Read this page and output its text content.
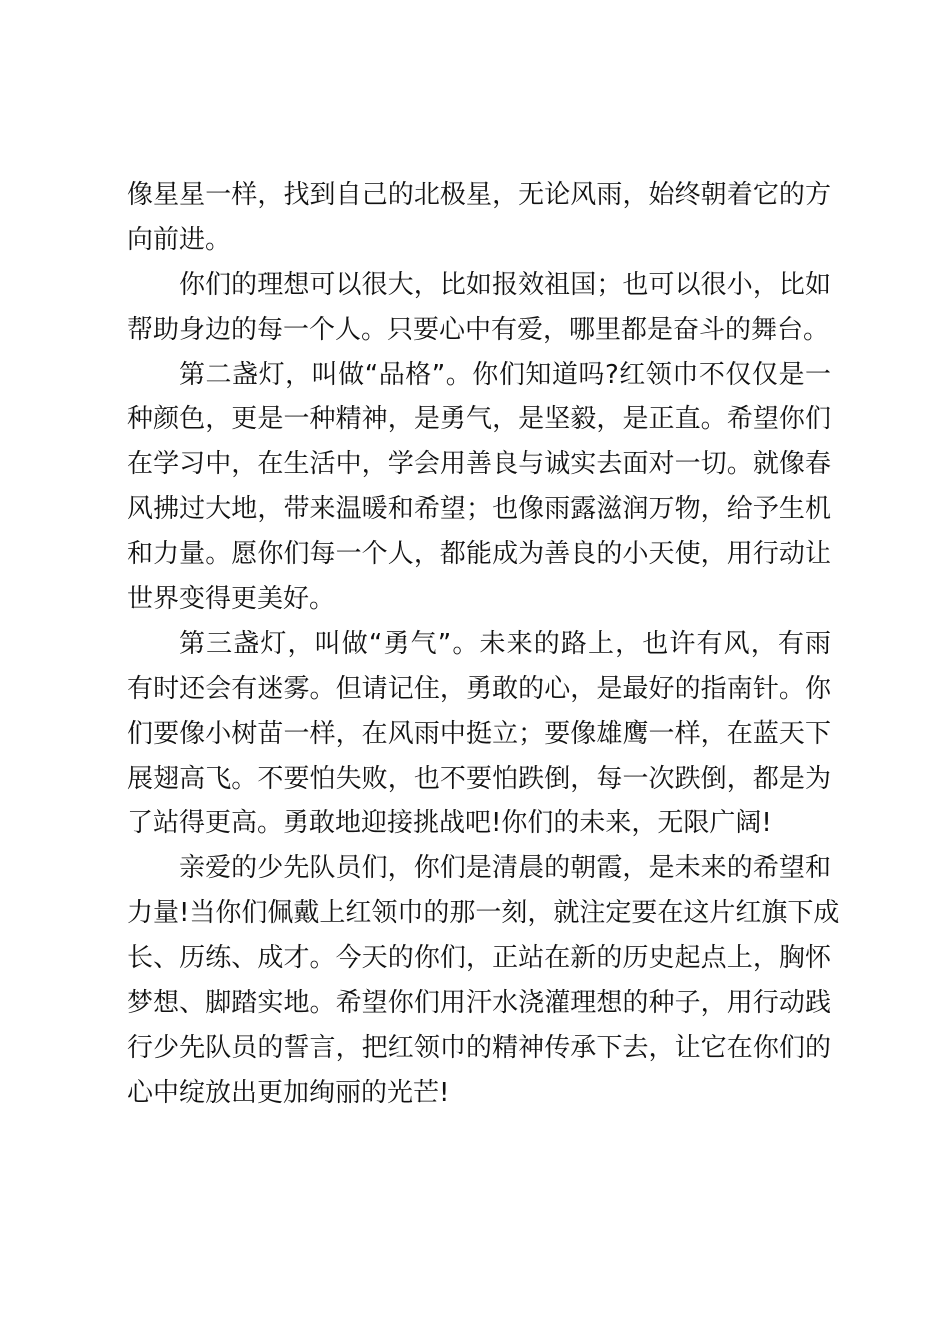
像星星一样，找到自己的北极星，无论风雨，始终朝着它的方
向前进。
你们的理想可以很大，比如报效祖国；也可以很小，比如
帮助身边的每一个人。只要心中有爱，哪里都是奋斗的舞台。
第二盏灯，叫做“品格”。你们知道吗?红领巾不仅仅是一
种颜色，更是一种精神，是勇气，是坚毅，是正直。希望你们
在学习中，在生活中，学会用善良与诚实去面对一切。就像春
风拂过大地，带来温暖和希望；也像雨露滋润万物，给予生机
和力量。愿你们每一个人，都能成为善良的小天使，用行动让
世界变得更美好。
第三盏灯，叫做“勇气”。未来的路上，也许有风，有雨
有时还会有迷雾。但请记住，勇敢的心，是最好的指南针。你
们要像小树苗一样，在风雨中挺立；要像雄鹰一样，在蓝天下
展翅高飞。不要怕失败，也不要怕跌倒，每一次跌倒，都是为
了站得更高。勇敢地迎接挑战吧!你们的未来，无限广阔!
亲爱的少先队员们，你们是清晨的朝霞，是未来的希望和
力量!当你们佩戴上红领巾的那一刻，就注定要在这片红旗下成
长、历练、成才。今天的你们，正站在新的历史起点上，胸怀
梦想、脚踏实地。希望你们用汗水浇灌理想的种子，用行动践
行少先队员的誓言，把红领巾的精神传承下去，让它在你们的
心中绽放出更加绚丽的光芒!
